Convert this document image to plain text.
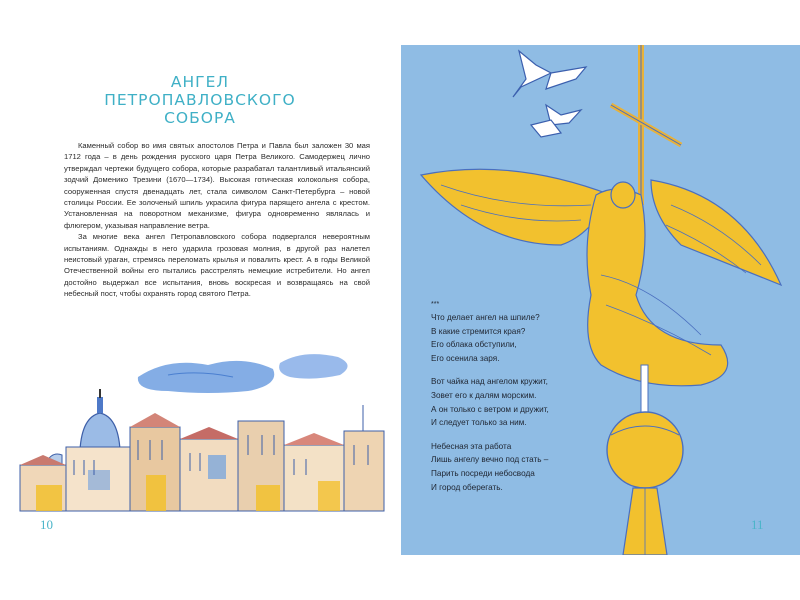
АНГЕЛ
ПЕТРОПАВЛОВСКОГО
СОБОРА

Каменный собор во имя святых апостолов Петра и Павла был заложен 30 мая 1712 года – в день рождения русского царя Петра Великого. Самодержец лично утверждал чертежи будущего собора, которые разрабатал талантливый итальянский зодчий Доменико Трезини (1670—1734). Высокая готическая колокольня собора, сооруженная спустя двенадцать лет, стала символом Санкт-Петербурга – новой столицы России. Ее золоченый шпиль украсила фигура парящего ангела с крестом. Установленная на поворотном механизме, фигура одновременно являлась и флюгером, указывая направление ветра.

За многие века ангел Петропавловского собора подвергался невероятным испытаниям. Однажды в него ударила грозовая молния, в другой раз налетел неистовый ураган, стремясь переломать крылья и повалить крест. А в годы Великой Отечественной войны его пытались расстрелять немецкие истребители. Но ангел достойно выдержал все испытания, вновь воскресая и возвращаясь на свой небесный пост, чтобы охранять город святого Петра.

10
***
Что делает ангел на шпиле?
В какие стремится края?
Его облака обступили,
Его осенила заря.
Вот чайка над ангелом кружит,
Зовет его к далям морским.
А он только с ветром и дружит,
И следует только за ним.
Небесная эта работа
Лишь ангелу вечно под стать –
Парить посреди небосвода
И город оберегать.
11
